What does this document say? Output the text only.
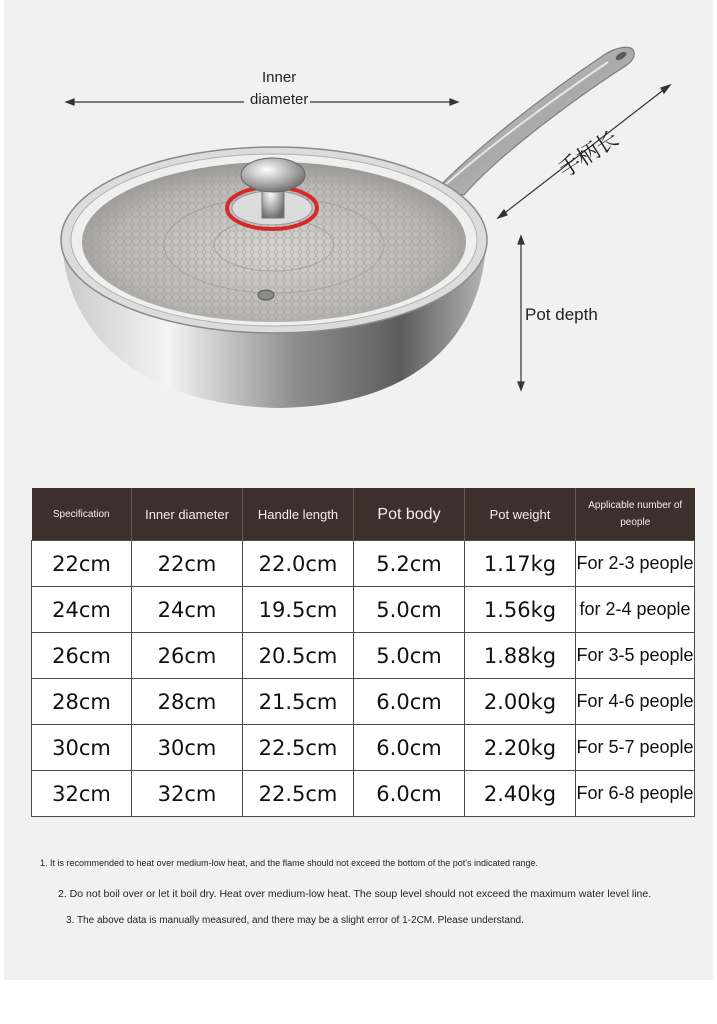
Inner
diameter
手柄长
Pot depth
Specification	Inner diameter	Handle length	Pot body	Pot weight	Applicable number of people
22cm	22cm	22.0cm	5.2cm	1.17kg	For 2-3 people
24cm	24cm	19.5cm	5.0cm	1.56kg	for 2-4 people
26cm	26cm	20.5cm	5.0cm	1.88kg	For 3-5 people
28cm	28cm	21.5cm	6.0cm	2.00kg	For 4-6 people
30cm	30cm	22.5cm	6.0cm	2.20kg	For 5-7 people
32cm	32cm	22.5cm	6.0cm	2.40kg	For 6-8 people
1. It is recommended to heat over medium-low heat, and the flame should not exceed the bottom of the pot's indicated range.
2. Do not boil over or let it boil dry. Heat over medium-low heat. The soup level should not exceed the maximum water level line.
3. The above data is manually measured, and there may be a slight error of 1-2CM. Please understand.
